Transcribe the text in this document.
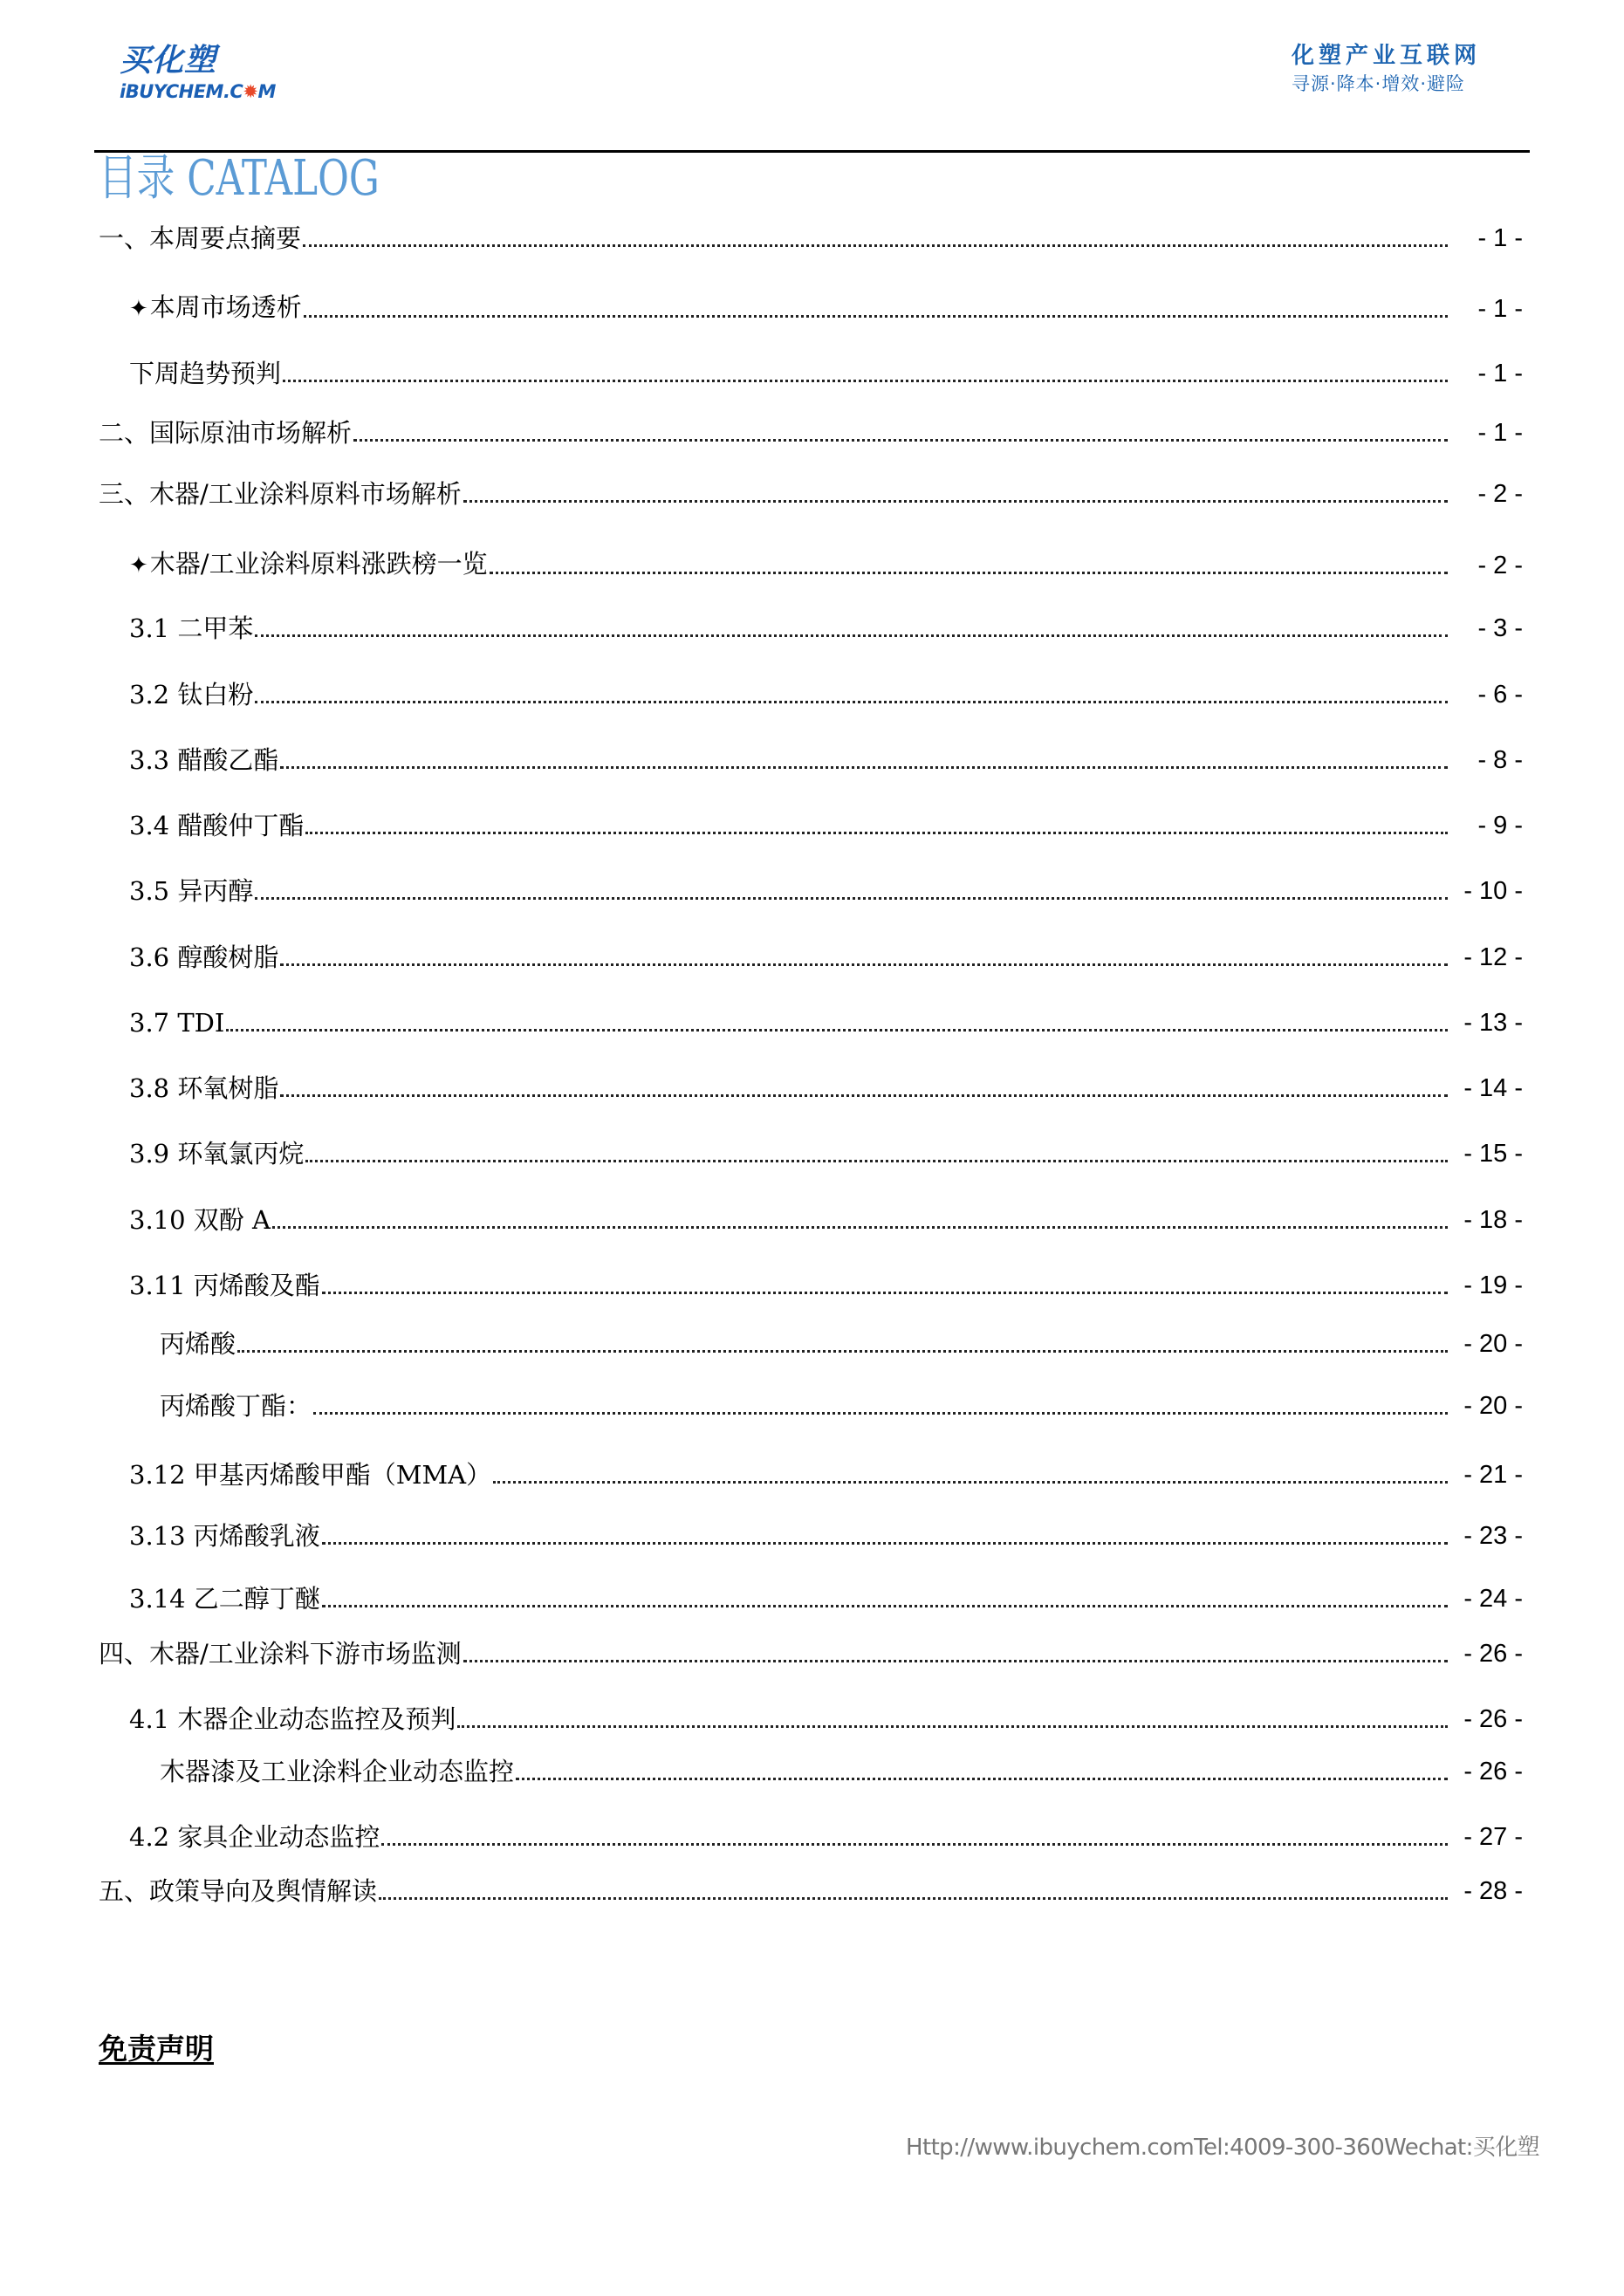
买化塑
iBUYCHEM.C✹M
化塑产业互联网
寻源·降本·增效·避险
目录 CATALOG
一、本周要点摘要	- 1 -
✦本周市场透析	- 1 -
下周趋势预判	- 1 -
二、国际原油市场解析	- 1 -
三、木器/工业涂料原料市场解析	- 2 -
✦木器/工业涂料原料涨跌榜一览	- 2 -
3.1 二甲苯	- 3 -
3.2 钛白粉	- 6 -
3.3 醋酸乙酯	- 8 -
3.4 醋酸仲丁酯	- 9 -
3.5 异丙醇	- 10 -
3.6 醇酸树脂	- 12 -
3.7 TDI	- 13 -
3.8 环氧树脂	- 14 -
3.9 环氧氯丙烷	- 15 -
3.10 双酚 A	- 18 -
3.11 丙烯酸及酯	- 19 -
丙烯酸	- 20 -
丙烯酸丁酯：	- 20 -
3.12 甲基丙烯酸甲酯（MMA）	- 21 -
3.13 丙烯酸乳液	- 23 -
3.14 乙二醇丁醚	- 24 -
四、木器/工业涂料下游市场监测	- 26 -
4.1 木器企业动态监控及预判	- 26 -
木器漆及工业涂料企业动态监控	- 26 -
4.2 家具企业动态监控	- 27 -
五、政策导向及舆情解读	- 28 -
免责声明
Http://www.ibuychem.comTel:4009-300-360Wechat:买化塑
